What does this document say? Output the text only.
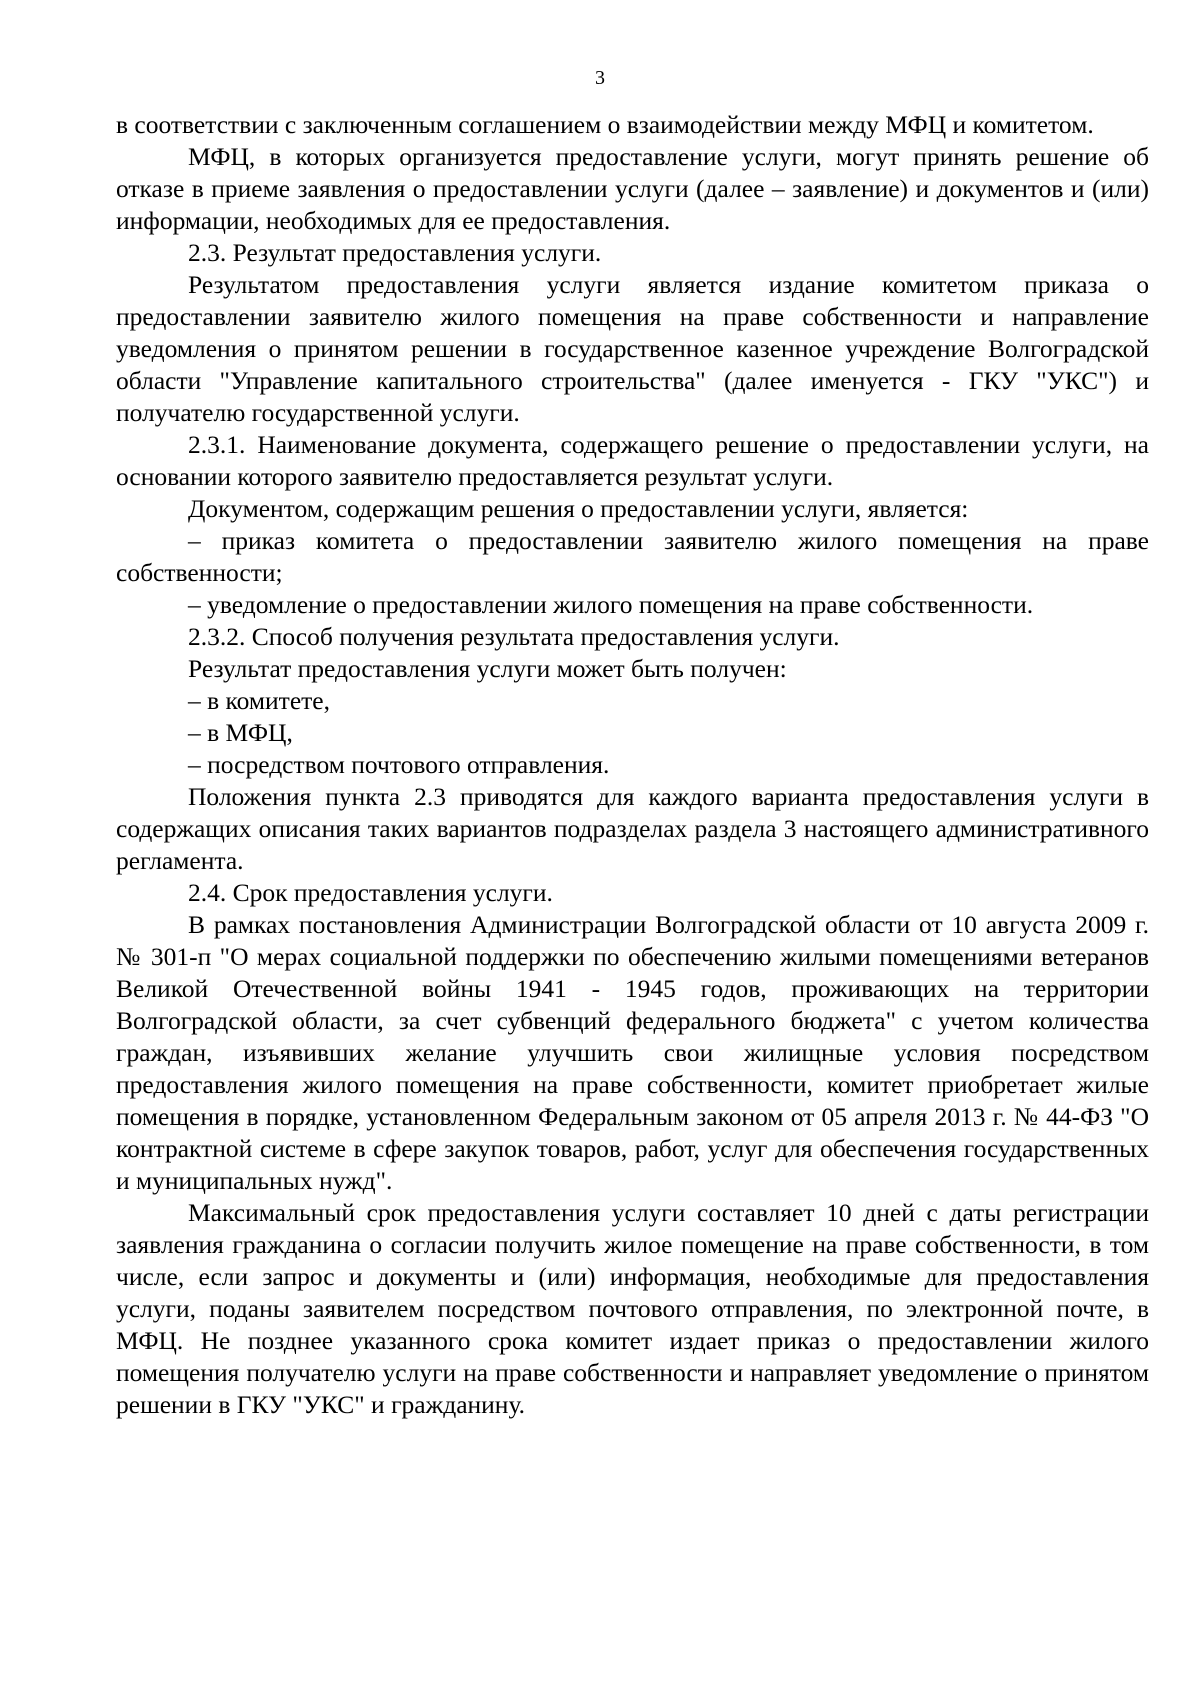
3

в соответствии с заключенным соглашением о взаимодействии между МФЦ и комитетом.

МФЦ, в которых организуется предоставление услуги, могут принять решение об отказе в приеме заявления о предоставлении услуги (далее – заявление) и документов и (или) информации, необходимых для ее предоставления.

2.3. Результат предоставления услуги.

Результатом предоставления услуги является издание комитетом приказа о предоставлении заявителю жилого помещения на праве собственности и направление уведомления о принятом решении в государственное казенное учреждение Волгоградской области "Управление капитального строительства" (далее именуется - ГКУ "УКС") и получателю государственной услуги.

2.3.1. Наименование документа, содержащего решение о предоставлении услуги, на основании которого заявителю предоставляется результат услуги.

Документом, содержащим решения о предоставлении услуги, является:

– приказ комитета о предоставлении заявителю жилого помещения на праве собственности;

– уведомление о предоставлении жилого помещения на праве собственности.

2.3.2. Способ получения результата предоставления услуги.

Результат предоставления услуги может быть получен:

– в комитете,

– в МФЦ,

– посредством почтового отправления.

Положения пункта 2.3 приводятся для каждого варианта предоставления услуги в содержащих описания таких вариантов подразделах раздела 3 настоящего административного регламента.

2.4. Срок предоставления услуги.

В рамках постановления Администрации Волгоградской области от 10 августа 2009 г. № 301-п "О мерах социальной поддержки по обеспечению жилыми помещениями ветеранов Великой Отечественной войны 1941 - 1945 годов, проживающих на территории Волгоградской области, за счет субвенций федерального бюджета" с учетом количества граждан, изъявивших желание улучшить свои жилищные условия посредством предоставления жилого помещения на праве собственности, комитет приобретает жилые помещения в порядке, установленном Федеральным законом от 05 апреля 2013 г. № 44-ФЗ "О контрактной системе в сфере закупок товаров, работ, услуг для обеспечения государственных и муниципальных нужд".

Максимальный срок предоставления услуги составляет 10 дней с даты регистрации заявления гражданина о согласии получить жилое помещение на праве собственности, в том числе, если запрос и документы и (или) информация, необходимые для предоставления услуги, поданы заявителем посредством почтового отправления, по электронной почте, в МФЦ. Не позднее указанного срока комитет издает приказ о предоставлении жилого помещения получателю услуги на праве собственности и направляет уведомление о принятом решении в ГКУ "УКС" и гражданину.
